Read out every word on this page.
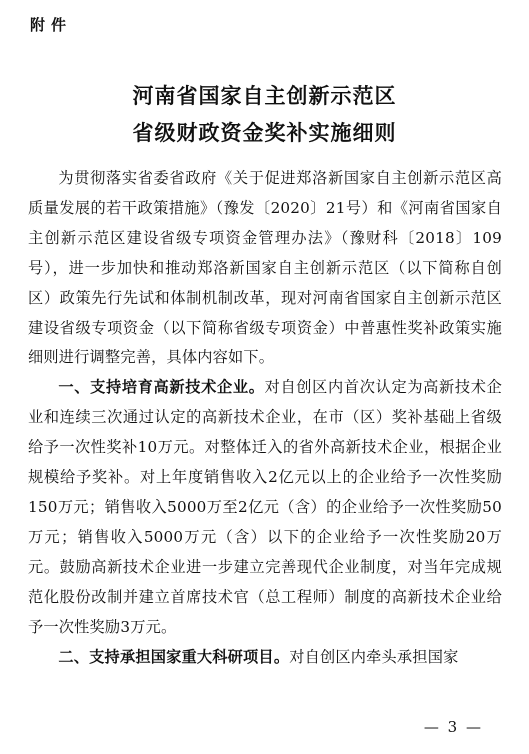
附件
河南省国家自主创新示范区
省级财政资金奖补实施细则

为贯彻落实省委省政府《关于促进郑洛新国家自主创新示范区高质量发展的若干政策措施》（豫发〔2020〕21号）和《河南省国家自主创新示范区建设省级专项资金管理办法》（豫财科〔2018〕109号），进一步加快和推动郑洛新国家自主创新示范区（以下简称自创区）政策先行先试和体制机制改革，现对河南省国家自主创新示范区建设省级专项资金（以下简称省级专项资金）中普惠性奖补政策实施细则进行调整完善，具体内容如下。

一、支持培育高新技术企业。对自创区内首次认定为高新技术企业和连续三次通过认定的高新技术企业，在市（区）奖补基础上省级给予一次性奖补10万元。对整体迁入的省外高新技术企业，根据企业规模给予奖补。对上年度销售收入2亿元以上的企业给予一次性奖励150万元；销售收入5000万至2亿元（含）的企业给予一次性奖励50万元；销售收入5000万元（含）以下的企业给予一次性奖励20万元。鼓励高新技术企业进一步建立完善现代企业制度，对当年完成规范化股份改制并建立首席技术官（总工程师）制度的高新技术企业给予一次性奖励3万元。

二、支持承担国家重大科研项目。对自创区内牵头承担国家

— 3 —
